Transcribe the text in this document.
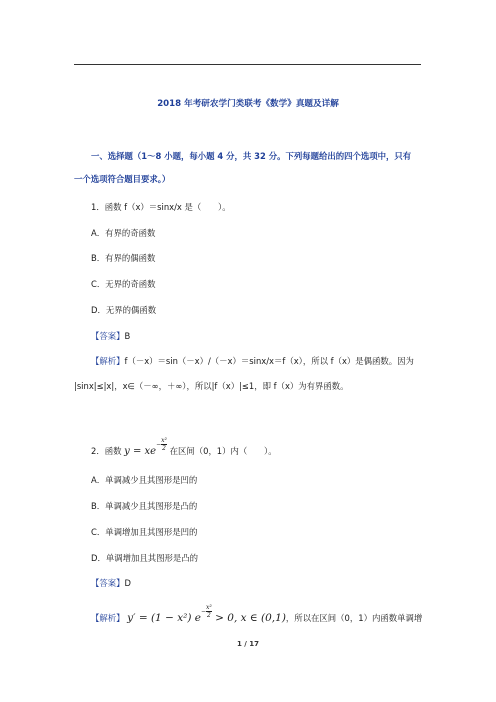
2018 年考研农学门类联考《数学》真题及详解
一、选择题（1～8 小题，每小题 4 分，共 32 分。下列每题给出的四个选项中，只有
一个选项符合题目要求。）
1．函数 f（x）＝sinx/x 是（　　）。
A．有界的奇函数
B．有界的偶函数
C．无界的奇函数
D．无界的偶函数
【答案】B
【解析】f（－x）＝sin（－x）/（－x）＝sinx/x＝f（x），所以 f（x）是偶函数。因为
|sinx|≤|x|，x∈（－∞，＋∞），所以|f（x）|≤1，即 f（x）为有界函数。
2．函数 $y = xe^{- \frac{\text{x²}}{2}}$ 在区间（0，1）内（　　）。
A．单调减少且其图形是凹的
B．单调减少且其图形是凸的
C．单调增加且其图形是凹的
D．单调增加且其图形是凸的
【答案】D
【解析】 y′ = (1 − x²) $e^{- \frac{\text{x²}}{2}} > 0$, x ∈ (0,1)，所以在区间（0，1）内函数单调增
1 / 17
